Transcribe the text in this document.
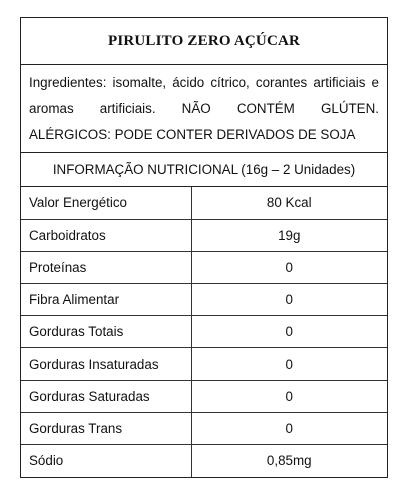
PIRULITO ZERO AÇÚCAR
Ingredientes: isomalte, ácido cítrico, corantes artificiais e
aromas artificiais. NÃO CONTÉM GLÚTEN.
ALÉRGICOS: PODE CONTER DERIVADOS DE SOJA
INFORMAÇÃO NUTRICIONAL (16g – 2 Unidades)
Valor Energético	80 Kcal
Carboidratos	19g
Proteínas	0
Fibra Alimentar	0
Gorduras Totais	0
Gorduras Insaturadas	0
Gorduras Saturadas	0
Gorduras Trans	0
Sódio	0,85mg
